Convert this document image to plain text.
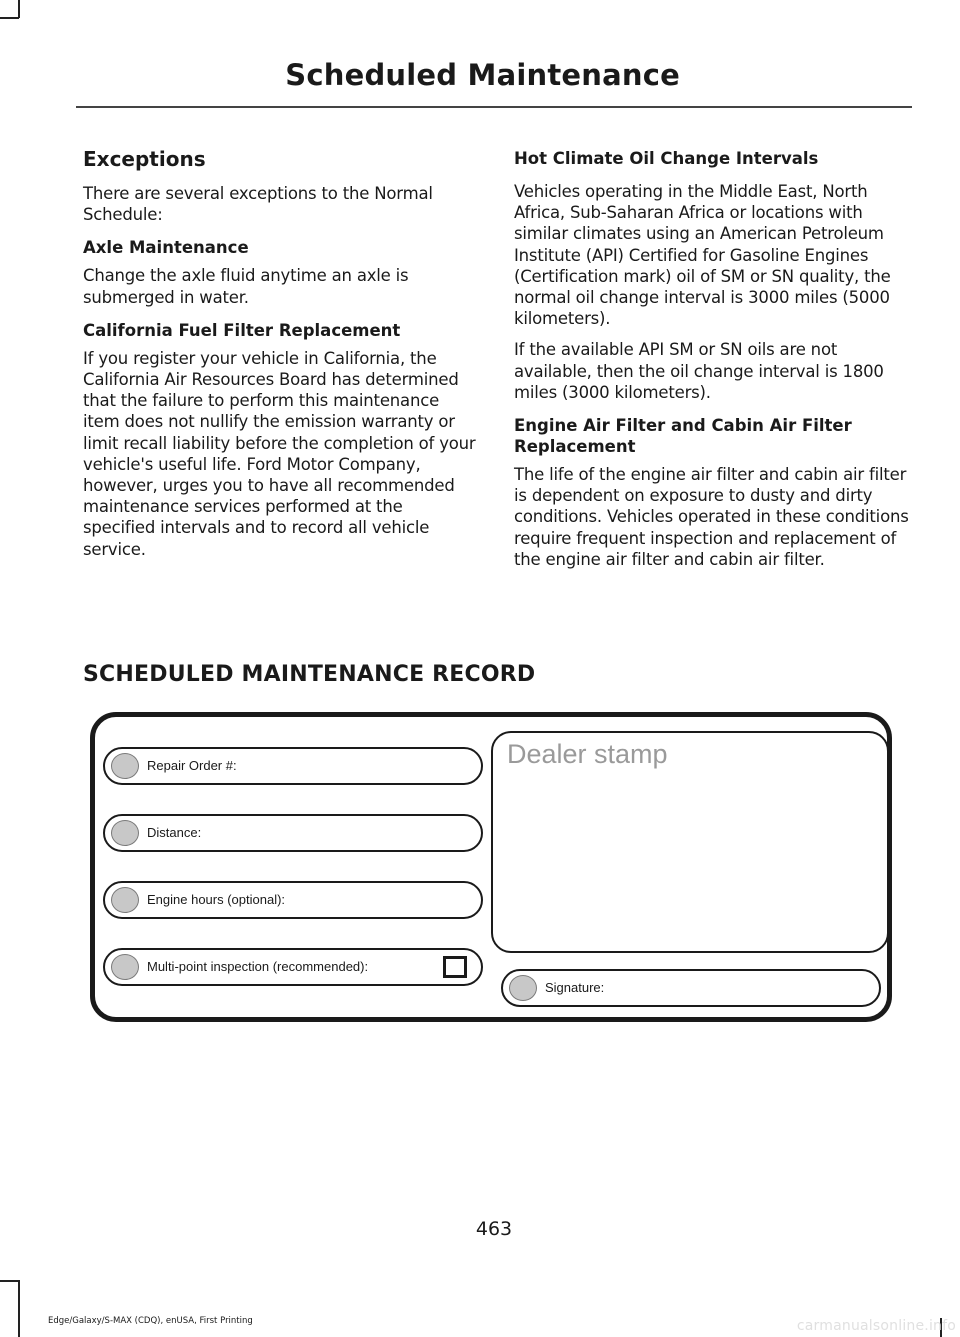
Scheduled Maintenance
Exceptions
There are several exceptions to the Normal Schedule:
Axle Maintenance
Change the axle fluid anytime an axle is submerged in water.
California Fuel Filter Replacement
If you register your vehicle in California, the California Air Resources Board has determined that the failure to perform this maintenance item does not nullify the emission warranty or limit recall liability before the completion of your vehicle's useful life. Ford Motor Company, however, urges you to have all recommended maintenance services performed at the specified intervals and to record all vehicle service.
Hot Climate Oil Change Intervals
Vehicles operating in the Middle East, North Africa, Sub-Saharan Africa or locations with similar climates using an American Petroleum Institute (API) Certified for Gasoline Engines (Certification mark) oil of SM or SN quality, the normal oil change interval is 3000 miles (5000 kilometers).
If the available API SM or SN oils are not available, then the oil change interval is 1800 miles (3000 kilometers).
Engine Air Filter and Cabin Air Filter Replacement
The life of the engine air filter and cabin air filter is dependent on exposure to dusty and dirty conditions. Vehicles operated in these conditions require frequent inspection and replacement of the engine air filter and cabin air filter.
SCHEDULED MAINTENANCE RECORD
Repair Order #:
Distance:
Engine hours (optional):
Multi-point inspection (recommended):
Dealer stamp
Signature:
463
Edge/Galaxy/S-MAX (CDQ), enUSA, First Printing	carmanualsonline.info
